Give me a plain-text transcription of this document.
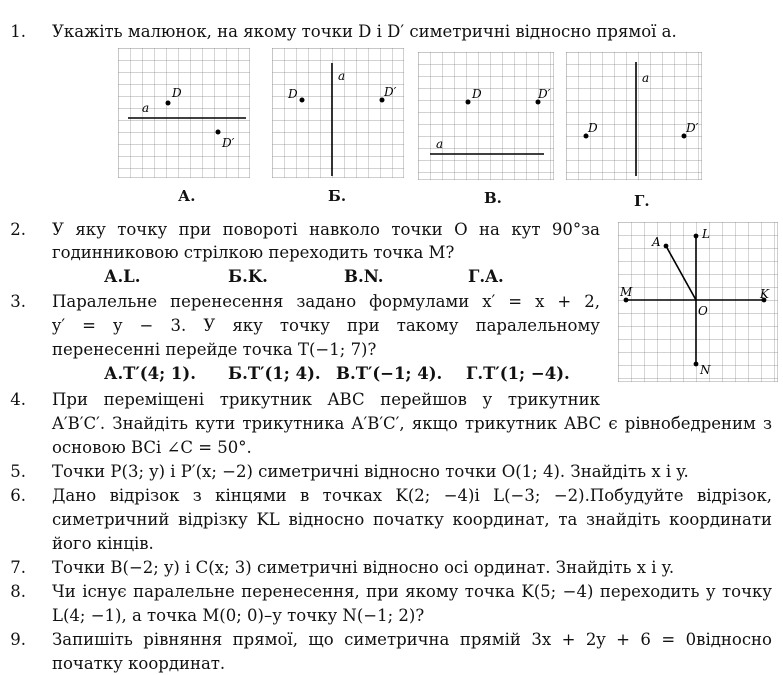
1. Укажіть малюнок, на якому точки D і D′ симетричні відносно прямої a.
D
D′
a
А.
D	D′
a
Б.
D	D′
a
В.
D	D′
a
Г.
2. У яку точку при повороті навколо точки O на кут 90°за
годинниковою стрілкою переходить точка M?
А.L.	Б.K.	В.N.	Г.A.
A
L
M	K
O
N
3. Паралельне перенесення задано формулами x′ = x + 2,
y′ = y − 3. У яку точку при такому паралельному
перенесенні перейде точка T(−1; 7)?
А.T′(4; 1). Б.T′(1; 4). В.T′(−1; 4). Г.T′(1; −4).
4. При переміщені трикутник ABC перейшов у трикутник
A′B′C′. Знайдіть кути трикутника A′B′C′, якщо трикутник ABC є рівнобедреним з
основою BCі ∠C = 50°.
5. Точки P(3; y) і P′(x; −2) симетричні відносно точки O(1; 4). Знайдіть x і y.
6. Дано відрізок з кінцями в точках K(2; −4)і L(−3; −2).Побудуйте відрізок,
симетричний відрізку KL відносно початку координат, та знайдіть координати
його кінців.
7. Точки B(−2; y) і C(x; 3) симетричні відносно осі ординат. Знайдіть x і y.
8. Чи існує паралельне перенесення, при якому точка K(5; −4) переходить у точку
L(4; −1), а точка M(0; 0)–у точку N(−1; 2)?
9. Запишіть рівняння прямої, що симетрична прямій 3x + 2y + 6 = 0відносно
початку координат.
